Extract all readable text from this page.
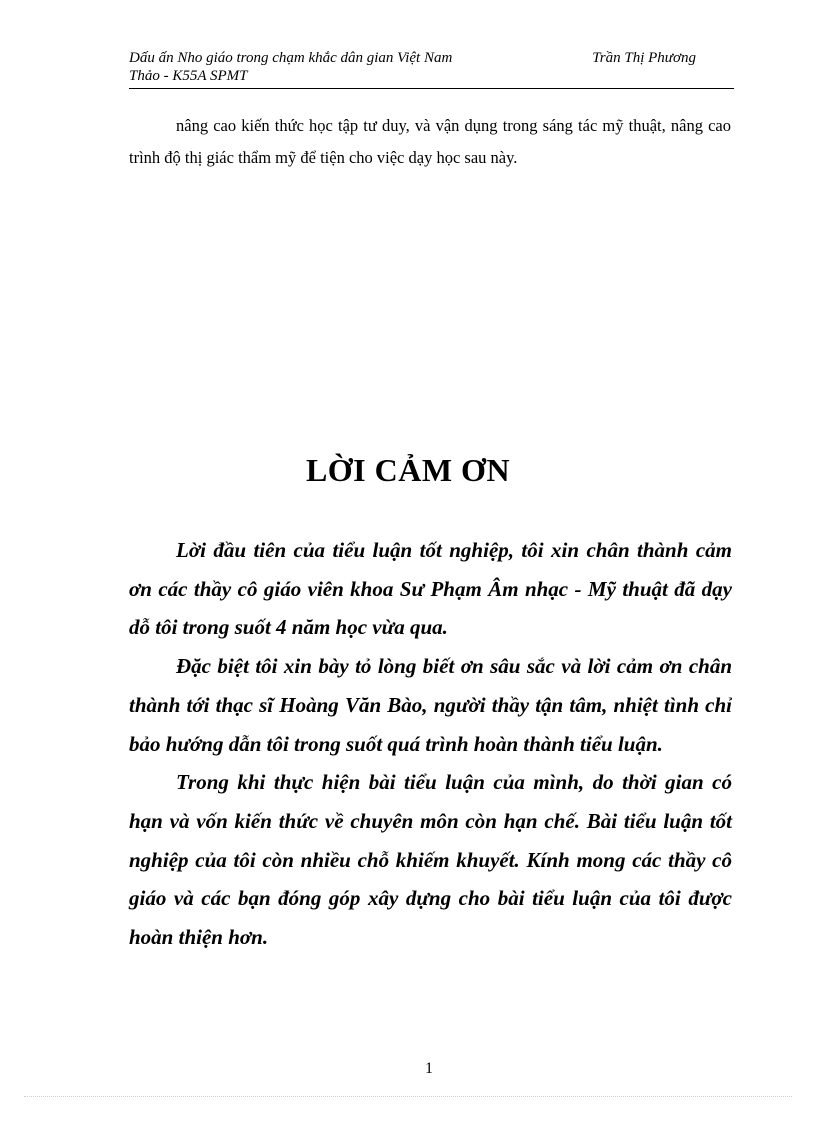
Dấu ấn Nho giáo trong chạm khắc dân gian Việt Nam	Trần Thị Phương
Thảo - K55A SPMT

nâng cao kiến thức học tập tư duy, và vận dụng trong sáng tác mỹ thuật, nâng cao trình độ thị giác thẩm mỹ để tiện cho việc dạy học sau này.

LỜI CẢM ƠN

Lời đầu tiên của tiểu luận tốt nghiệp, tôi xin chân thành cảm ơn các thầy cô giáo viên khoa Sư Phạm Âm nhạc - Mỹ thuật đã dạy dỗ tôi trong suốt 4 năm học vừa qua.

Đặc biệt tôi xin bày tỏ lòng biết ơn sâu sắc và lời cảm ơn chân thành tới thạc sĩ Hoàng Văn Bào, người thầy tận tâm, nhiệt tình chỉ bảo hướng dẫn tôi trong suốt quá trình hoàn thành tiểu luận.

Trong khi thực hiện bài tiểu luận của mình, do thời gian có hạn và vốn kiến thức về chuyên môn còn hạn chế. Bài tiểu luận tốt nghiệp của tôi còn nhiều chỗ khiếm khuyết. Kính mong các thầy cô giáo và các bạn đóng góp xây dựng cho bài tiểu luận của tôi được hoàn thiện hơn.

1
